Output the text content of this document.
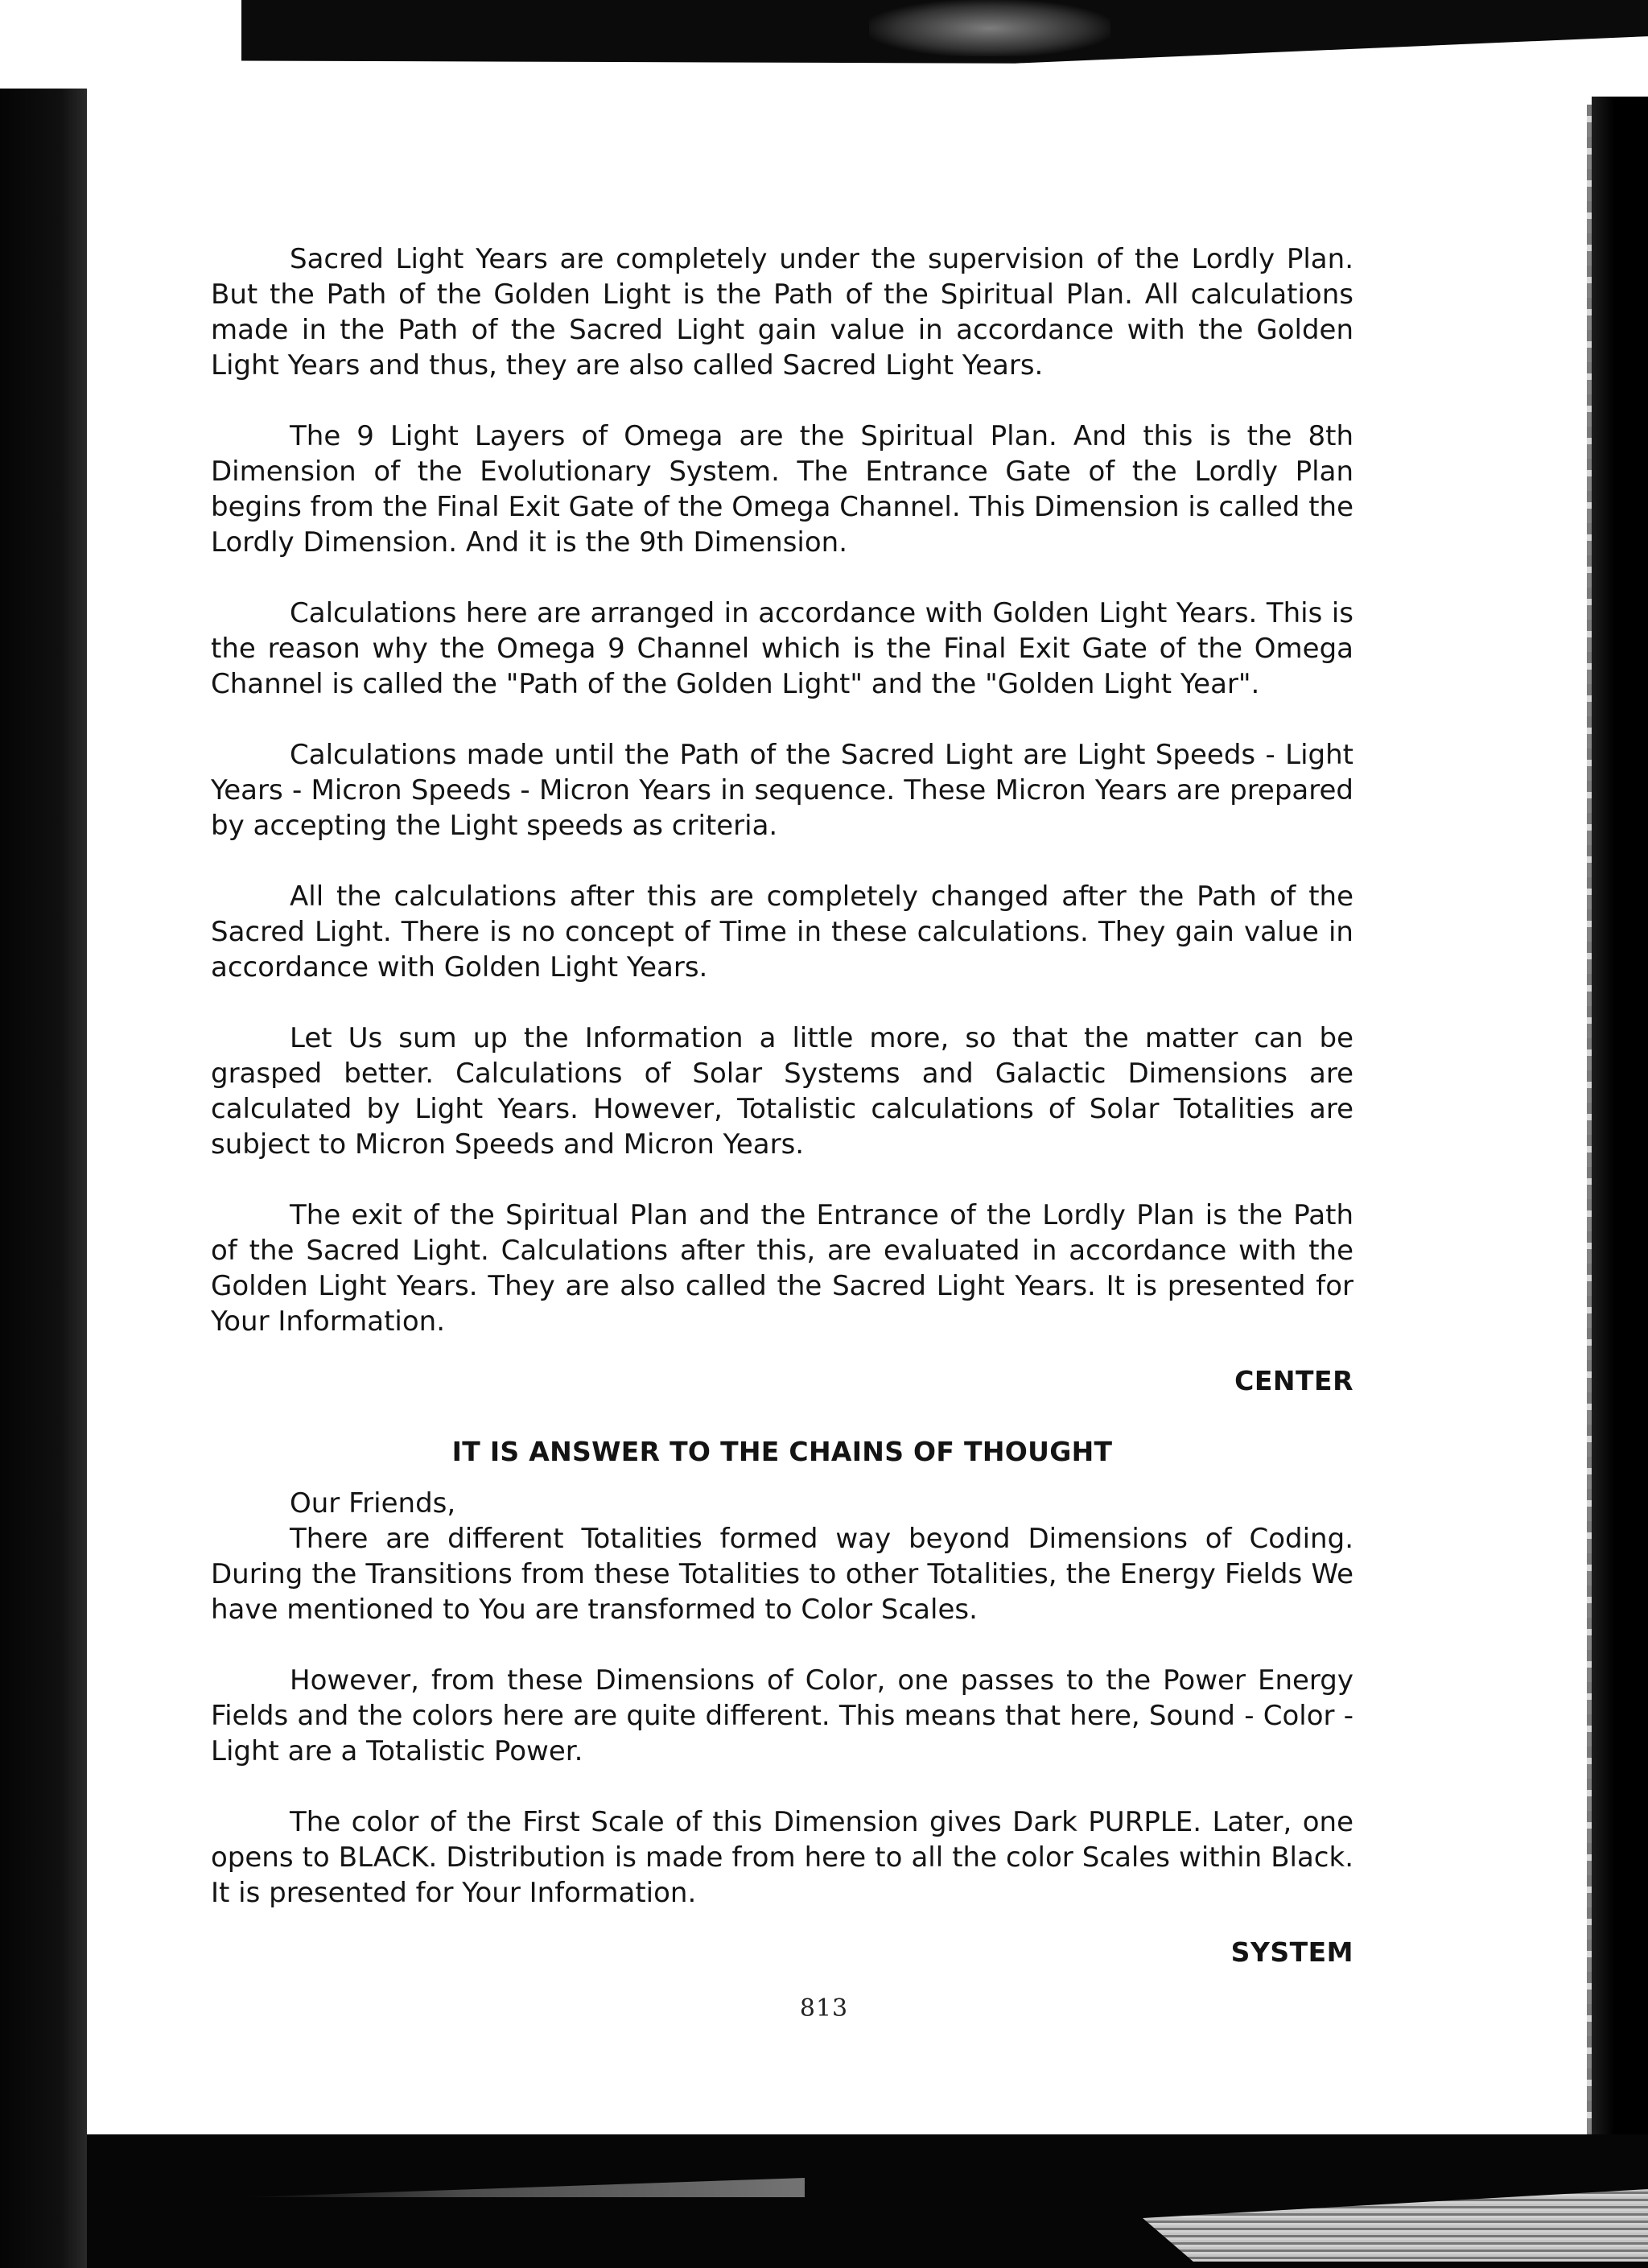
Sacred Light Years are completely under the supervision of the Lordly Plan. But the Path of the Golden Light is the Path of the Spiritual Plan. All calculations made in the Path of the Sacred Light gain value in accordance with the Golden Light Years and thus, they are also called Sacred Light Years.

The 9 Light Layers of Omega are the Spiritual Plan. And this is the 8th Dimension of the Evolutionary System. The Entrance Gate of the Lordly Plan begins from the Final Exit Gate of the Omega Channel. This Dimension is called the Lordly Dimension. And it is the 9th Dimension.

Calculations here are arranged in accordance with Golden Light Years. This is the reason why the Omega 9 Channel which is the Final Exit Gate of the Omega Channel is called the "Path of the Golden Light" and the "Golden Light Year".

Calculations made until the Path of the Sacred Light are Light Speeds - Light Years - Micron Speeds - Micron Years in sequence. These Micron Years are prepared by accepting the Light speeds as criteria.

All the calculations after this are completely changed after the Path of the Sacred Light. There is no concept of Time in these calculations. They gain value in accordance with Golden Light Years.

Let Us sum up the Information a little more, so that the matter can be grasped better. Calculations of Solar Systems and Galactic Dimensions are calculated by Light Years. However, Totalistic calculations of Solar Totalities are subject to Micron Speeds and Micron Years.

The exit of the Spiritual Plan and the Entrance of the Lordly Plan is the Path of the Sacred Light. Calculations after this, are evaluated in accordance with the Golden Light Years. They are also called the Sacred Light Years. It is presented for Your Information.

CENTER
IT IS ANSWER TO THE CHAINS OF THOUGHT
Our Friends,

There are different Totalities formed way beyond Dimensions of Coding. During the Transitions from these Totalities to other Totalities, the Energy Fields We have mentioned to You are transformed to Color Scales.

However, from these Dimensions of Color, one passes to the Power Energy Fields and the colors here are quite different. This means that here, Sound - Color - Light are a Totalistic Power.

The color of the First Scale of this Dimension gives Dark PURPLE. Later, one opens to BLACK. Distribution is made from here to all the color Scales within Black. It is presented for Your Information.

SYSTEM
813
